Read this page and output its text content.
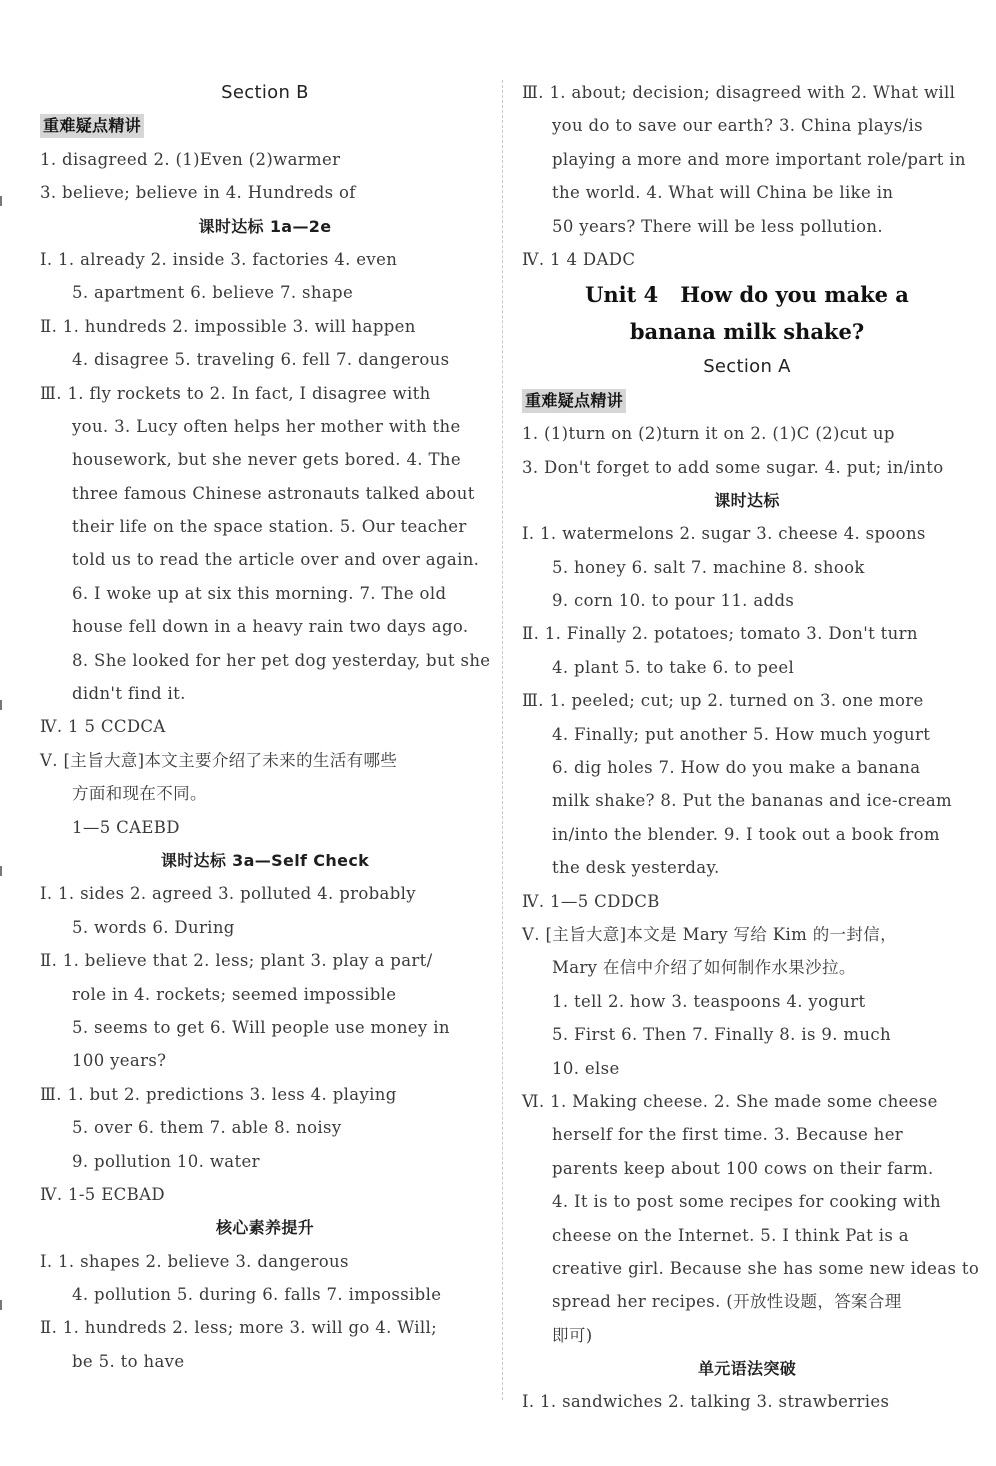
Section B
重难疑点精讲
1. disagreed 2. (1)Even (2)warmer
3. believe; believe in 4. Hundreds of
课时达标 1a—2e
Ⅰ. 1. already 2. inside 3. factories 4. even
5. apartment 6. believe 7. shape
Ⅱ. 1. hundreds 2. impossible 3. will happen
4. disagree 5. traveling 6. fell 7. dangerous
Ⅲ. 1. fly rockets to 2. In fact, I disagree with
you. 3. Lucy often helps her mother with the
housework, but she never gets bored. 4. The
three famous Chinese astronauts talked about
their life on the space station. 5. Our teacher
told us to read the article over and over again.
6. I woke up at six this morning. 7. The old
house fell down in a heavy rain two days ago.
8. She looked for her pet dog yesterday, but she
didn't find it.
Ⅳ. 1 5 CCDCA
Ⅴ. [主旨大意]本文主要介绍了未来的生活有哪些
方面和现在不同。
1—5 CAEBD
课时达标 3a—Self Check
Ⅰ. 1. sides 2. agreed 3. polluted 4. probably
5. words 6. During
Ⅱ. 1. believe that 2. less; plant 3. play a part/
role in 4. rockets; seemed impossible
5. seems to get 6. Will people use money in
100 years?
Ⅲ. 1. but 2. predictions 3. less 4. playing
5. over 6. them 7. able 8. noisy
9. pollution 10. water
Ⅳ. 1-5 ECBAD
核心素养提升
Ⅰ. 1. shapes 2. believe 3. dangerous
4. pollution 5. during 6. falls 7. impossible
Ⅱ. 1. hundreds 2. less; more 3. will go 4. Will;
be 5. to have
Ⅲ. 1. about; decision; disagreed with 2. What will
you do to save our earth? 3. China plays/is
playing a more and more important role/part in
the world. 4. What will China be like in
50 years? There will be less pollution.
Ⅳ. 1 4 DADC
Unit 4   How do you make a
banana milk shake?
Section A
重难疑点精讲
1. (1)turn on (2)turn it on 2. (1)C (2)cut up
3. Don't forget to add some sugar. 4. put; in/into
课时达标
Ⅰ. 1. watermelons 2. sugar 3. cheese 4. spoons
5. honey 6. salt 7. machine 8. shook
9. corn 10. to pour 11. adds
Ⅱ. 1. Finally 2. potatoes; tomato 3. Don't turn
4. plant 5. to take 6. to peel
Ⅲ. 1. peeled; cut; up 2. turned on 3. one more
4. Finally; put another 5. How much yogurt
6. dig holes 7. How do you make a banana
milk shake? 8. Put the bananas and ice-cream
in/into the blender. 9. I took out a book from
the desk yesterday.
Ⅳ. 1—5 CDDCB
Ⅴ. [主旨大意]本文是 Mary 写给 Kim 的一封信，
Mary 在信中介绍了如何制作水果沙拉。
1. tell 2. how 3. teaspoons 4. yogurt
5. First 6. Then 7. Finally 8. is 9. much
10. else
Ⅵ. 1. Making cheese. 2. She made some cheese
herself for the first time. 3. Because her
parents keep about 100 cows on their farm.
4. It is to post some recipes for cooking with
cheese on the Internet. 5. I think Pat is a
creative girl. Because she has some new ideas to
spread her recipes. (开放性设题，答案合理
即可)
单元语法突破
Ⅰ. 1. sandwiches 2. talking 3. strawberries
